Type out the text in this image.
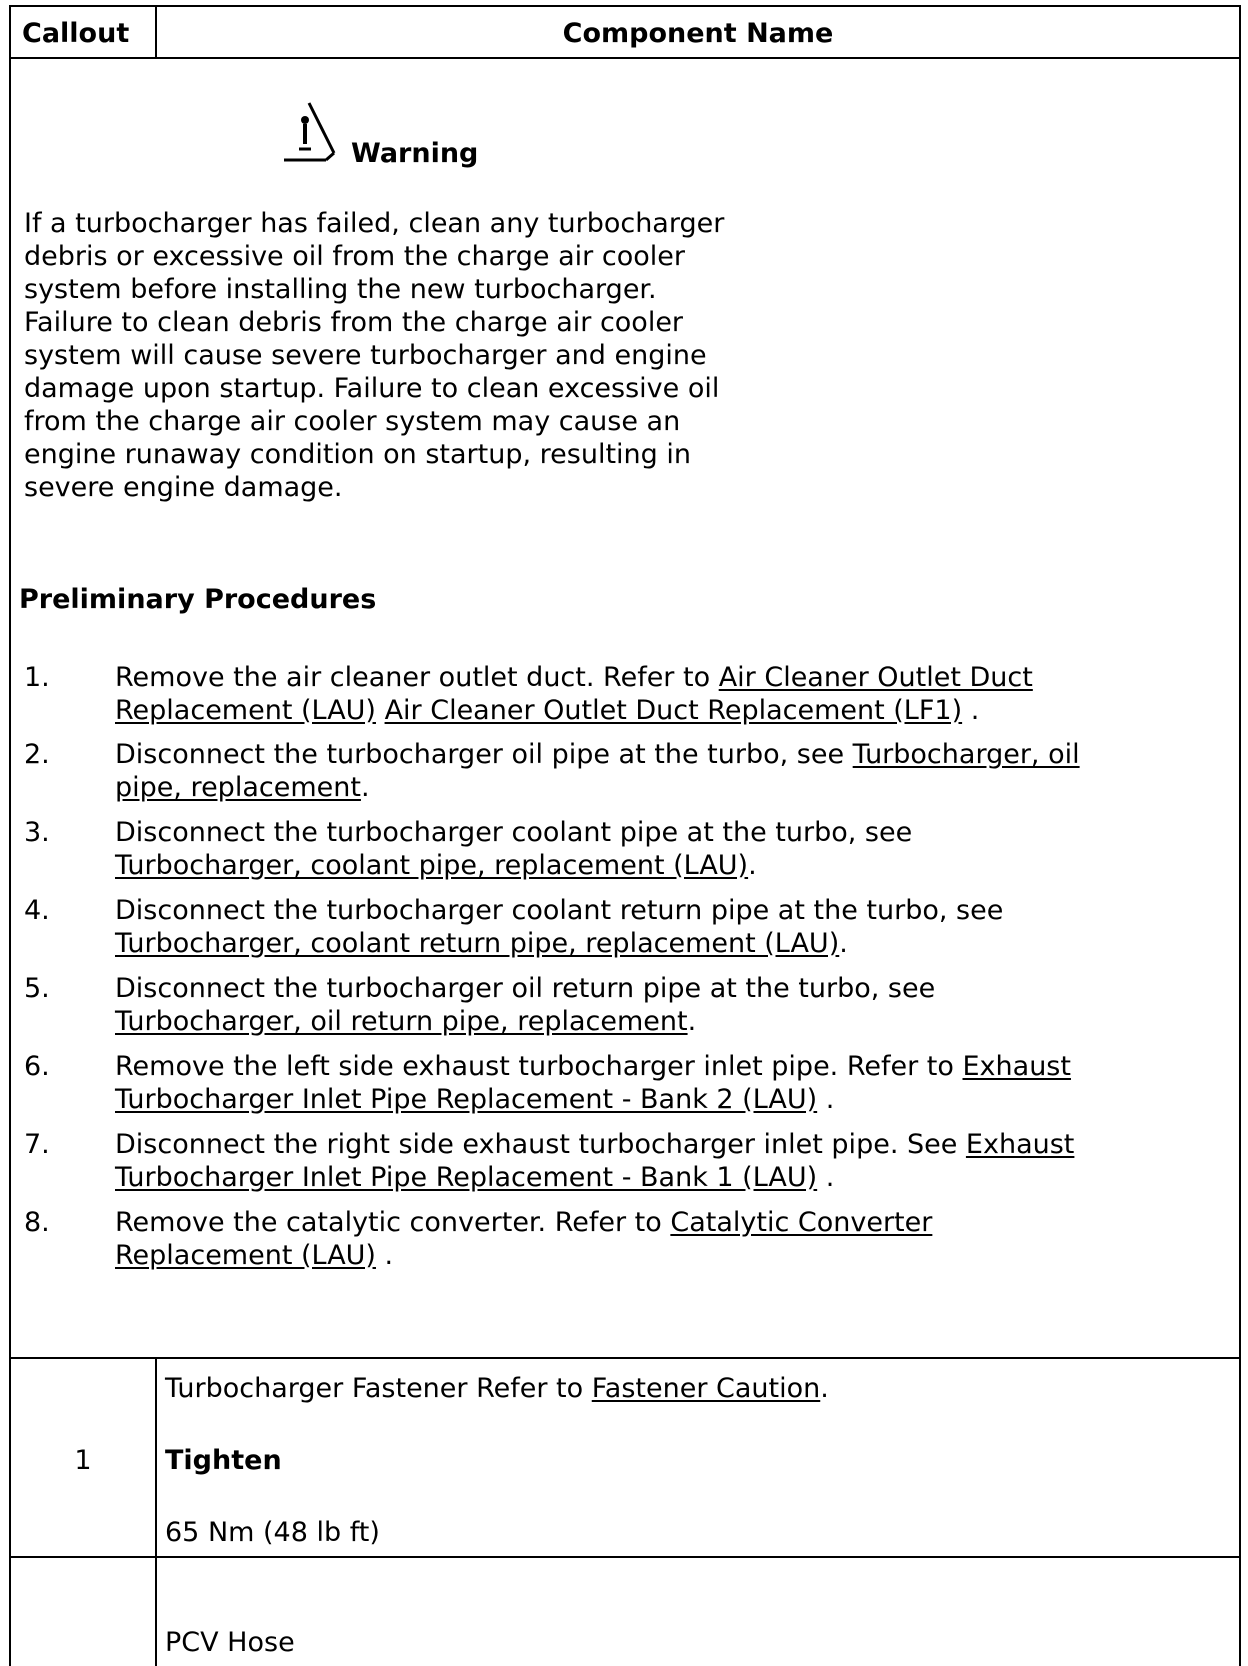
Callout	Component Name
Warning
If a turbocharger has failed, clean any turbocharger
debris or excessive oil from the charge air cooler
system before installing the new turbocharger.
Failure to clean debris from the charge air cooler
system will cause severe turbocharger and engine
damage upon startup. Failure to clean excessive oil
from the charge air cooler system may cause an
engine runaway condition on startup, resulting in
severe engine damage.
Preliminary Procedures
1. Remove the air cleaner outlet duct. Refer to Air Cleaner Outlet Duct
Replacement (LAU) Air Cleaner Outlet Duct Replacement (LF1) .
2. Disconnect the turbocharger oil pipe at the turbo, see Turbocharger, oil
pipe, replacement.
3. Disconnect the turbocharger coolant pipe at the turbo, see
Turbocharger, coolant pipe, replacement (LAU).
4. Disconnect the turbocharger coolant return pipe at the turbo, see
Turbocharger, coolant return pipe, replacement (LAU).
5. Disconnect the turbocharger oil return pipe at the turbo, see
Turbocharger, oil return pipe, replacement.
6. Remove the left side exhaust turbocharger inlet pipe. Refer to Exhaust
Turbocharger Inlet Pipe Replacement - Bank 2 (LAU) .
7. Disconnect the right side exhaust turbocharger inlet pipe. See Exhaust
Turbocharger Inlet Pipe Replacement - Bank 1 (LAU) .
8. Remove the catalytic converter. Refer to Catalytic Converter
Replacement (LAU) .
1
Turbocharger Fastener Refer to Fastener Caution.
Tighten
65 Nm (48 lb ft)
PCV Hose
